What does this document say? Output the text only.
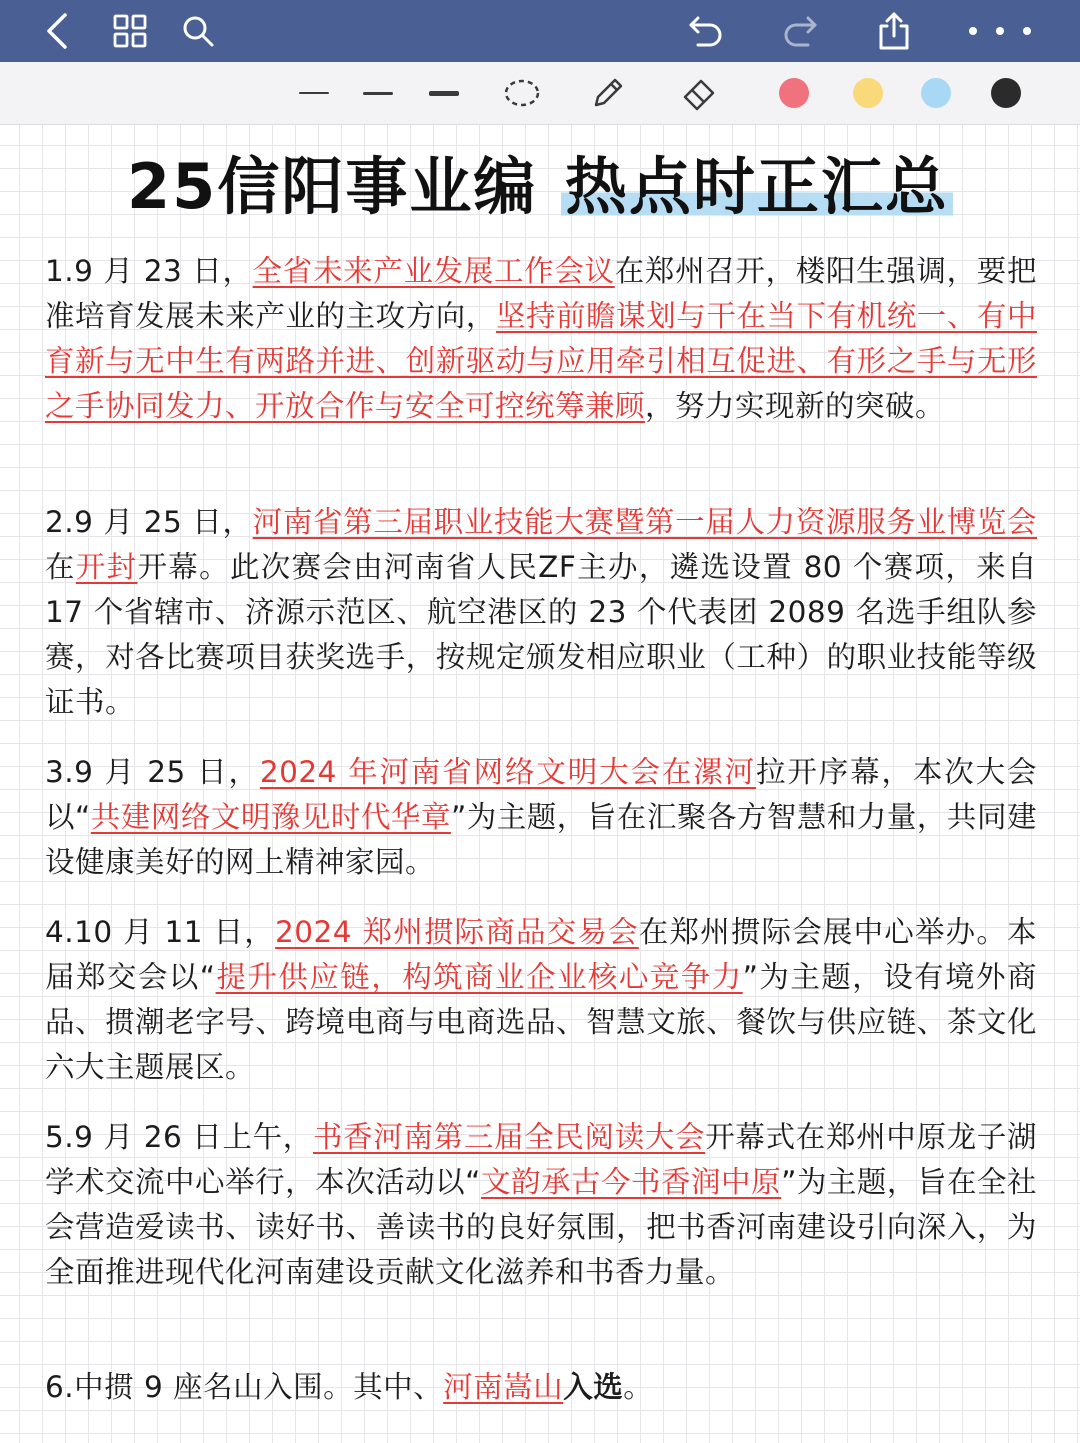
25信阳事业编 热点时正汇总
1.9 月 23 日，全省未来产业发展工作会议在郑州召开，楼阳生强调，要把准培育发展未来产业的主攻方向，坚持前瞻谋划与干在当下有机统一、有中育新与无中生有两路并进、创新驱动与应用牵引相互促进、有形之手与无形之手协同发力、开放合作与安全可控统筹兼顾，努力实现新的突破。
2.9 月 25 日，河南省第三届职业技能大赛暨第一届人力资源服务业博览会在开封开幕。此次赛会由河南省人民ZF主办，遴选设置 80 个赛项，来自 17 个省辖市、济源示范区、航空港区的 23 个代表团 2089 名选手组队参赛，对各比赛项目获奖选手，按规定颁发相应职业（工种）的职业技能等级证书。
3.9 月 25 日，2024 年河南省网络文明大会在漯河拉开序幕，本次大会以“共建网络文明豫见时代华章”为主题，旨在汇聚各方智慧和力量，共同建设健康美好的网上精神家园。
4.10 月 11 日，2024 郑州掼际商品交易会在郑州掼际会展中心举办。本届郑交会以“提升供应链，构筑商业企业核心竞争力”为主题，设有境外商品、掼潮老字号、跨境电商与电商选品、智慧文旅、餐饮与供应链、茶文化六大主题展区。
5.9 月 26 日上午，书香河南第三届全民阅读大会开幕式在郑州中原龙子湖学术交流中心举行，本次活动以“文韵承古今书香润中原”为主题，旨在全社会营造爱读书、读好书、善读书的良好氛围，把书香河南建设引向深入，为全面推进现代化河南建设贡献文化滋养和书香力量。
6.中掼 9 座名山入围。其中、河南嵩山入选。
